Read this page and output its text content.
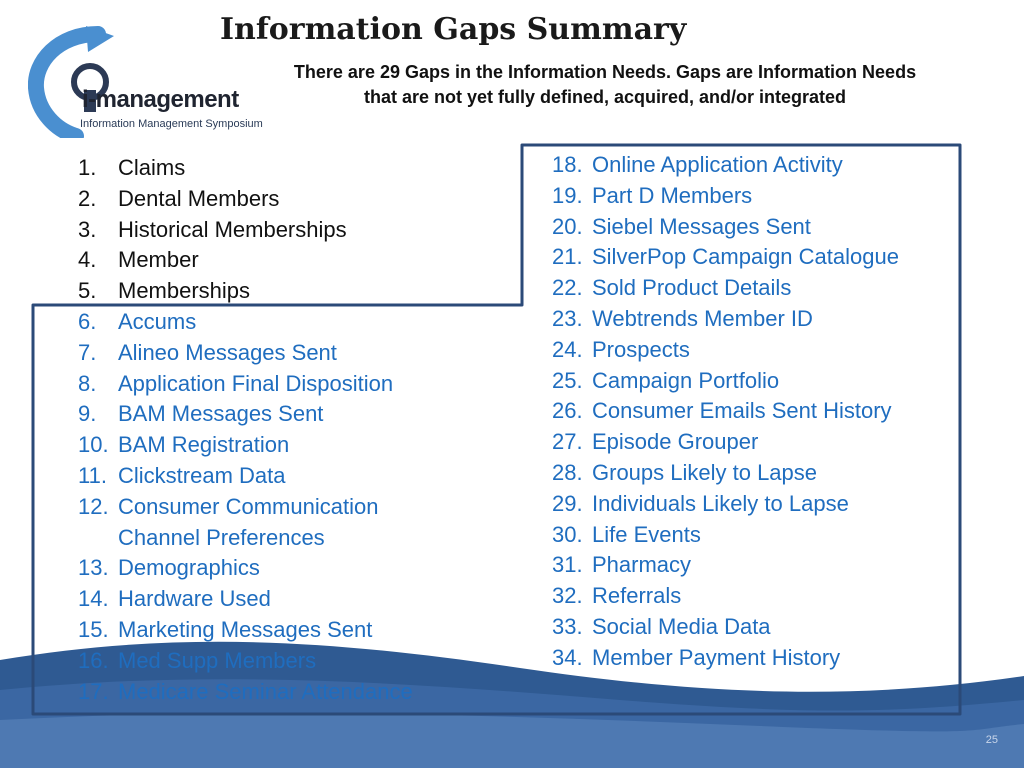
i-management
Information Management Symposium
Information Gaps Summary
There are 29 Gaps in the Information Needs. Gaps are Information Needs
that are not yet fully defined, acquired, and/or integrated
1. Claims
2. Dental Members
3. Historical Memberships
4. Member
5. Memberships
6. Accums
7. Alineo Messages Sent
8. Application Final Disposition
9. BAM Messages Sent
10. BAM Registration
11. Clickstream Data
12. Consumer Communication
Channel Preferences
13. Demographics
14. Hardware Used
15. Marketing Messages Sent
16. Med Supp Members
17. Medicare Seminar Attendance
18. Online Application Activity
19. Part D Members
20. Siebel Messages Sent
21. SilverPop Campaign Catalogue
22. Sold Product Details
23. Webtrends Member ID
24. Prospects
25. Campaign Portfolio
26. Consumer Emails Sent History
27. Episode Grouper
28. Groups Likely to Lapse
29. Individuals Likely to Lapse
30. Life Events
31. Pharmacy
32. Referrals
33. Social Media Data
34. Member Payment History
25
